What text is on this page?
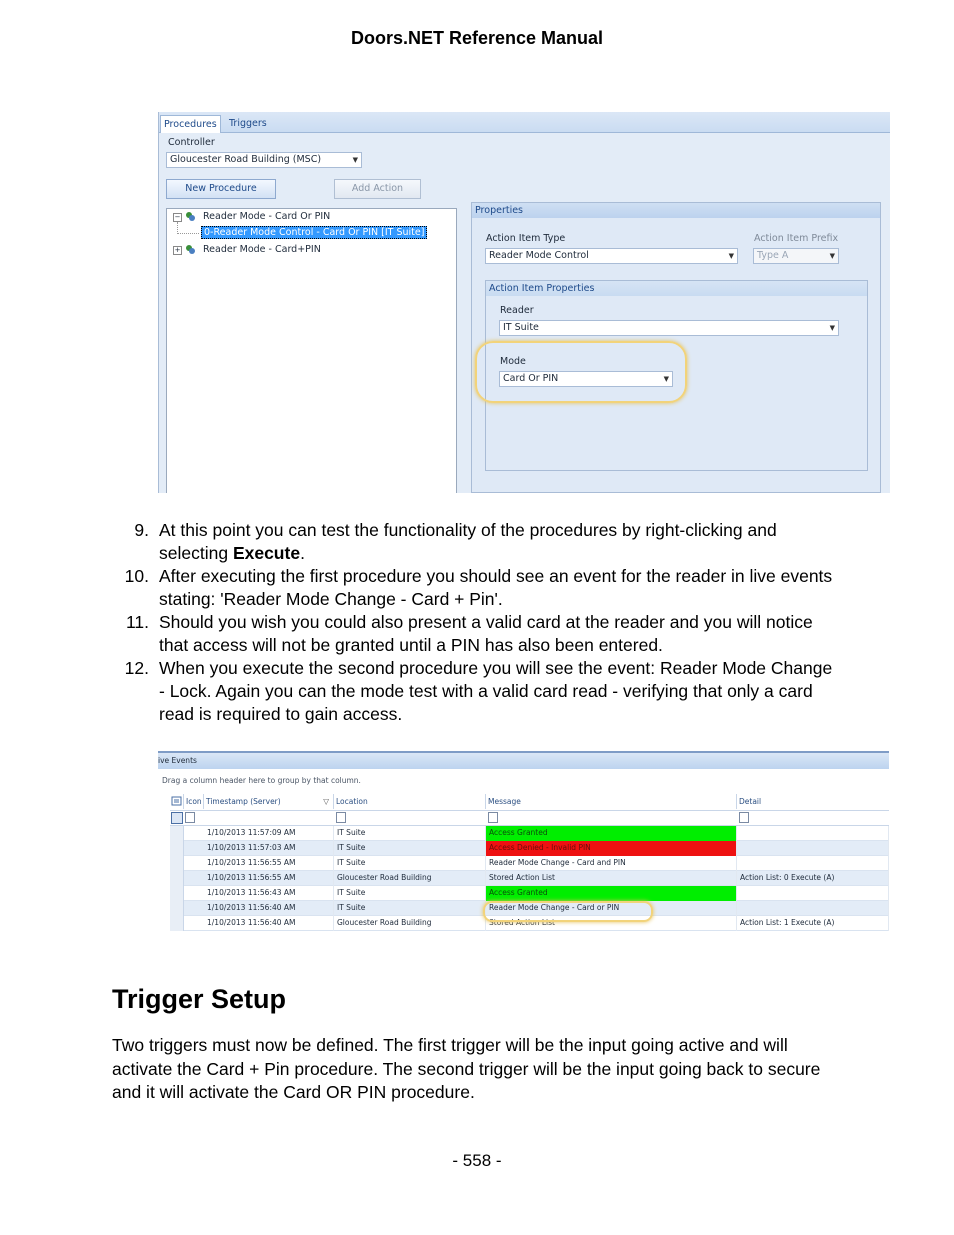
Doors.NET Reference Manual
Procedures	Triggers
Controller
Gloucester Road Building (MSC)	▼
New Procedure	Add Action
− Reader Mode - Card Or PIN
0-Reader Mode Control - Card Or PIN [IT Suite]
+ Reader Mode - Card+PIN
Properties
Action Item Type
Reader Mode Control	▼
Action Item Prefix
Type A	▼
Action Item Properties
Reader
IT Suite	▼
Mode
Card Or PIN	▼
9. At this point you can test the functionality of the procedures by right-clicking and selecting Execute.
10. After executing the first procedure you should see an event for the reader in live events stating: 'Reader Mode Change - Card + Pin'.
11. Should you wish you could also present a valid card at the reader and you will notice that access will not be granted until a PIN has also been entered.
12. When you execute the second procedure you will see the event: Reader Mode Change - Lock. Again you can the mode test with a valid card read - verifying that only a card read is required to gain access.
ive Events
Drag a column header here to group by that column.
Icon Timestamp (Server)	▽ Location	Message	Detail
1/10/2013 11:57:09 AM	IT Suite	Access Granted
1/10/2013 11:57:03 AM	IT Suite	Access Denied - Invalid PIN
1/10/2013 11:56:55 AM	IT Suite	Reader Mode Change - Card and PIN
1/10/2013 11:56:55 AM	Gloucester Road Building	Stored Action List	Action List: 0 Execute (A)
1/10/2013 11:56:43 AM	IT Suite	Access Granted
1/10/2013 11:56:40 AM	IT Suite	Reader Mode Change - Card or PIN
1/10/2013 11:56:40 AM	Gloucester Road Building	Stored Action List	Action List: 1 Execute (A)
Trigger Setup
Two triggers must now be defined. The first trigger will be the input going active and will activate the Card + Pin procedure. The second trigger will be the input going back to secure and it will activate the Card OR PIN procedure.
- 558 -
